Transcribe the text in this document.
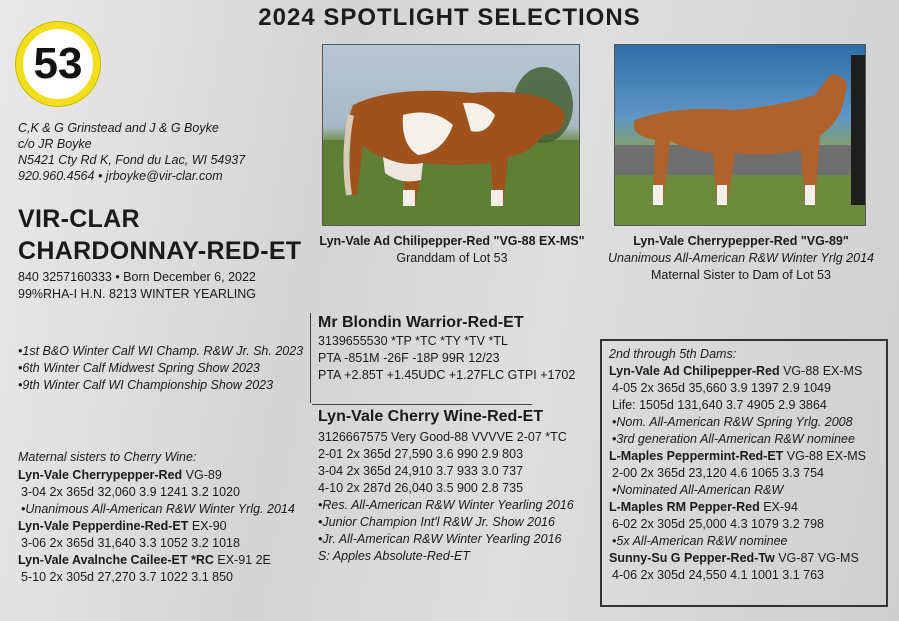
2024 SPOTLIGHT SELECTIONS
53
C,K & G Grinstead and J & G Boyke
c/o JR Boyke
N5421 Cty Rd K, Fond du Lac, WI 54937
920.960.4564 • jrboyke@vir-clar.com
VIR-CLAR
CHARDONNAY-RED-ET
840 3257160333 • Born December 6, 2022
99%RHA-I H.N. 8213 WINTER YEARLING
•1st B&O Winter Calf WI Champ. R&W Jr. Sh. 2023
•6th Winter Calf Midwest Spring Show 2023
•9th Winter Calf WI Championship Show 2023
Maternal sisters to Cherry Wine:
Lyn-Vale Cherrypepper-Red VG-89
3-04 2x 365d 32,060 3.9 1241 3.2 1020
•Unanimous All-American R&W Winter Yrlg. 2014
Lyn-Vale Pepperdine-Red-ET EX-90
3-06 2x 365d 31,640 3.3 1052 3.2 1018
Lyn-Vale Avalnche Cailee-ET *RC EX-91 2E
5-10 2x 305d 27,270 3.7 1022 3.1 850
Lyn-Vale Ad Chilipepper-Red "VG-88 EX-MS"
Granddam of Lot 53
Lyn-Vale Cherrypepper-Red "VG-89"
Unanimous All-American R&W Winter Yrlg 2014
Maternal Sister to Dam of Lot 53
Mr Blondin Warrior-Red-ET
3139655530 *TP *TC *TY *TV *TL
PTA -851M -26F -18P 99R 12/23
PTA +2.85T +1.45UDC +1.27FLC GTPI +1702
Lyn-Vale Cherry Wine-Red-ET
3126667575 Very Good-88 VVVVE 2-07 *TC
2-01 2x 365d 27,590 3.6 990 2.9 803
3-04 2x 365d 24,910 3.7 933 3.0 737
4-10 2x 287d 26,040 3.5 900 2.8 735
•Res. All-American R&W Winter Yearling 2016
•Junior Champion Int'l R&W Jr. Show 2016
•Jr. All-American R&W Winter Yearling 2016
S: Apples Absolute-Red-ET
2nd through 5th Dams:
Lyn-Vale Ad Chilipepper-Red VG-88 EX-MS
4-05 2x 365d 35,660 3.9 1397 2.9 1049
Life: 1505d 131,640 3.7 4905 2.9 3864
•Nom. All-American R&W Spring Yrlg. 2008
•3rd generation All-American R&W nominee
L-Maples Peppermint-Red-ET VG-88 EX-MS
2-00 2x 365d 23,120 4.6 1065 3.3 754
•Nominated All-American R&W
L-Maples RM Pepper-Red EX-94
6-02 2x 305d 25,000 4.3 1079 3.2 798
•5x All-American R&W nominee
Sunny-Su G Pepper-Red-Tw VG-87 VG-MS
4-06 2x 305d 24,550 4.1 1001 3.1 763
